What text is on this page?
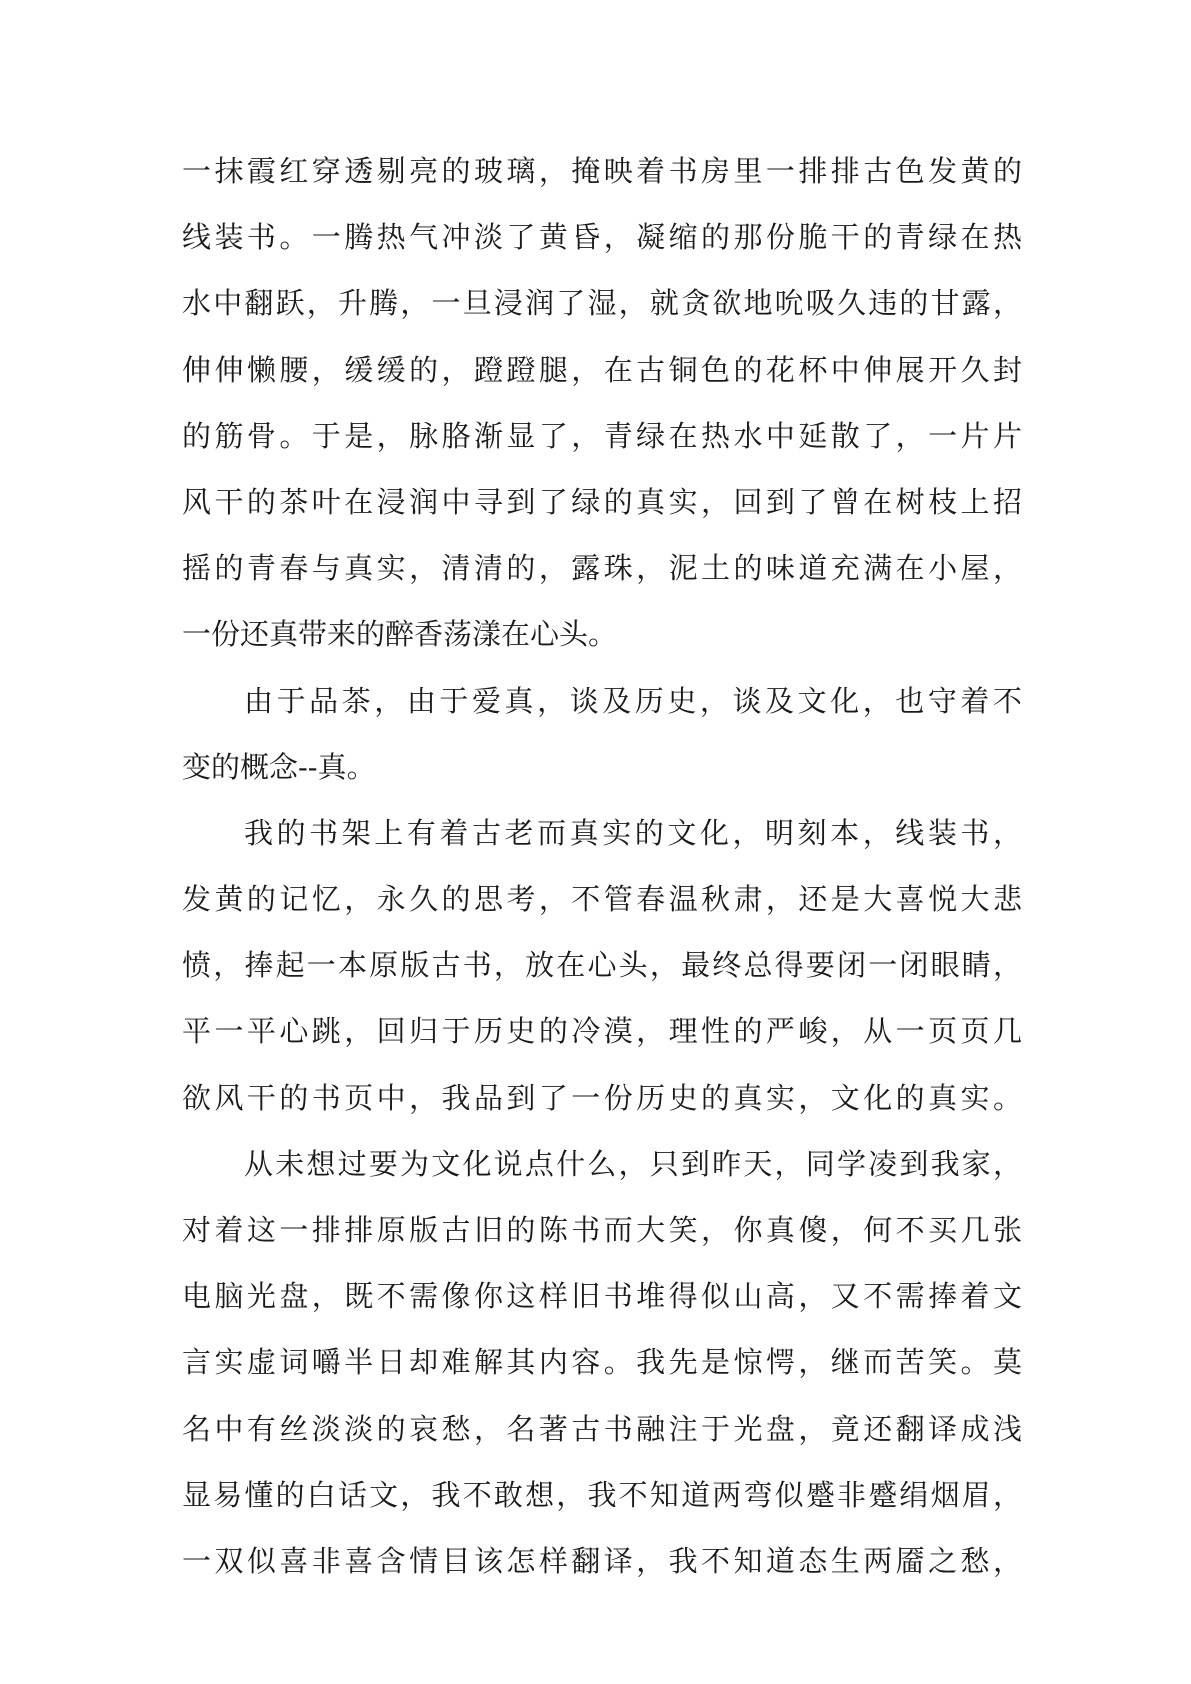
一抹霞红穿透剔亮的玻璃，掩映着书房里一排排古色发黄的
线装书。一腾热气冲淡了黄昏，凝缩的那份脆干的青绿在热
水中翻跃，升腾，一旦浸润了湿，就贪欲地吮吸久违的甘露，
伸伸懒腰，缓缓的，蹬蹬腿，在古铜色的花杯中伸展开久封
的筋骨。于是，脉胳渐显了，青绿在热水中延散了，一片片
风干的茶叶在浸润中寻到了绿的真实，回到了曾在树枝上招
摇的青春与真实，清清的，露珠，泥土的味道充满在小屋，
一份还真带来的醉香荡漾在心头。
由于品茶，由于爱真，谈及历史，谈及文化，也守着不
变的概念--真。
我的书架上有着古老而真实的文化，明刻本，线装书，
发黄的记忆，永久的思考，不管春温秋肃，还是大喜悦大悲
愤，捧起一本原版古书，放在心头，最终总得要闭一闭眼睛，
平一平心跳，回归于历史的冷漠，理性的严峻，从一页页几
欲风干的书页中，我品到了一份历史的真实，文化的真实。
从未想过要为文化说点什么，只到昨天，同学凌到我家，
对着这一排排原版古旧的陈书而大笑，你真傻，何不买几张
电脑光盘，既不需像你这样旧书堆得似山高，又不需捧着文
言实虚词嚼半日却难解其内容。我先是惊愕，继而苦笑。莫
名中有丝淡淡的哀愁，名著古书融注于光盘，竟还翻译成浅
显易懂的白话文，我不敢想，我不知道两弯似蹙非蹙绢烟眉，
一双似喜非喜含情目该怎样翻译，我不知道态生两靥之愁，
